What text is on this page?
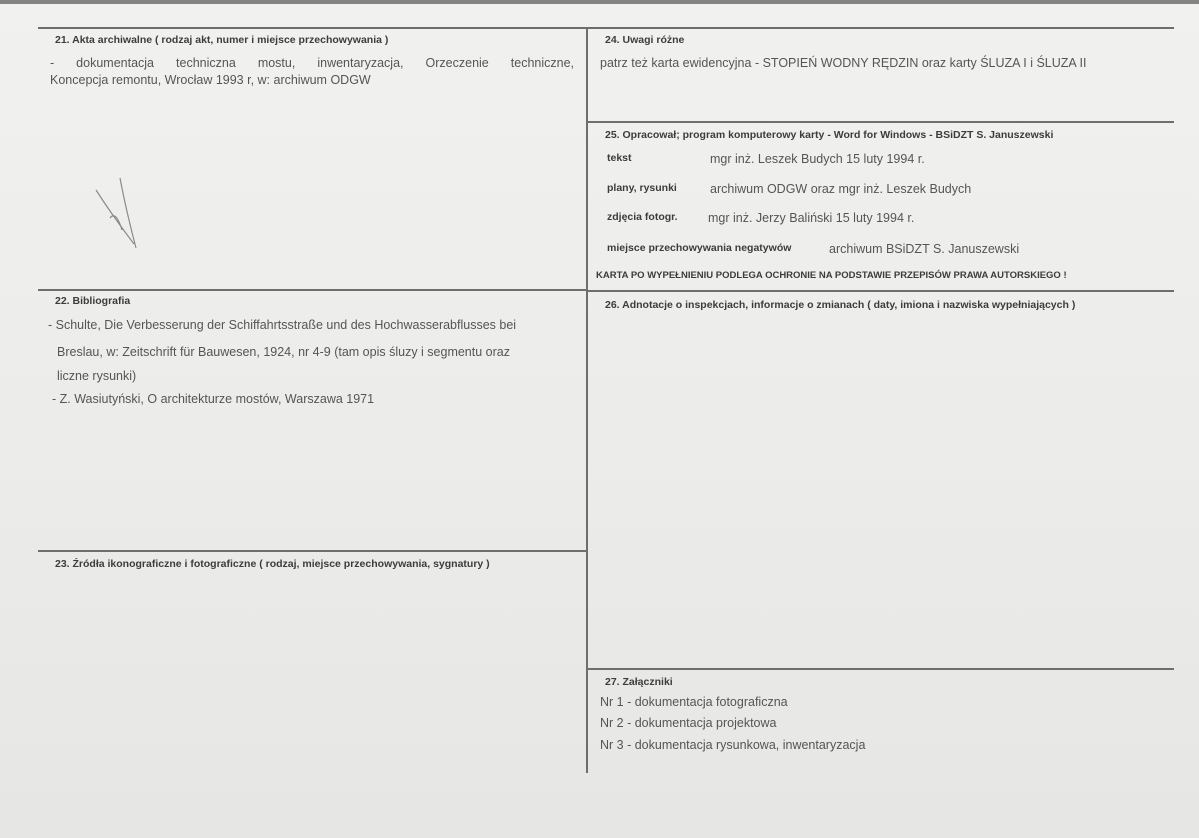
21. Akta archiwalne ( rodzaj akt, numer i miejsce przechowywania )
- dokumentacja techniczna mostu, inwentaryzacja, Orzeczenie techniczne,
Koncepcja remontu, Wrocław 1993 r, w: archiwum ODGW
22. Bibliografia
- Schulte, Die Verbesserung der Schiffahrtsstraße und des Hochwasserabflusses bei
Breslau, w: Zeitschrift für Bauwesen, 1924, nr 4-9 (tam opis śluzy i segmentu oraz
liczne rysunki)
- Z. Wasiutyński, O architekturze mostów, Warszawa 1971
23. Źródła ikonograficzne i fotograficzne ( rodzaj, miejsce przechowywania, sygnatury )
24. Uwagi różne
patrz też karta ewidencyjna - STOPIEŃ WODNY RĘDZIN oraz karty ŚLUZA I i ŚLUZA II
25. Opracował; program komputerowy karty - Word for Windows - BSiDZT S. Januszewski
tekst	mgr inż. Leszek Budych 15 luty 1994 r.
plany, rysunki	archiwum ODGW oraz mgr inż. Leszek Budych
zdjęcia fotogr. mgr inż. Jerzy Baliński 15 luty 1994 r.
miejsce przechowywania negatywów	archiwum BSiDZT S. Januszewski
KARTA PO WYPEŁNIENIU PODLEGA OCHRONIE NA PODSTAWIE PRZEPISÓW PRAWA AUTORSKIEGO !
26. Adnotacje o inspekcjach, informacje o zmianach ( daty, imiona i nazwiska wypełniających )
27. Załączniki
Nr 1 - dokumentacja fotograficzna
Nr 2 - dokumentacja projektowa
Nr 3 - dokumentacja rysunkowa, inwentaryzacja
